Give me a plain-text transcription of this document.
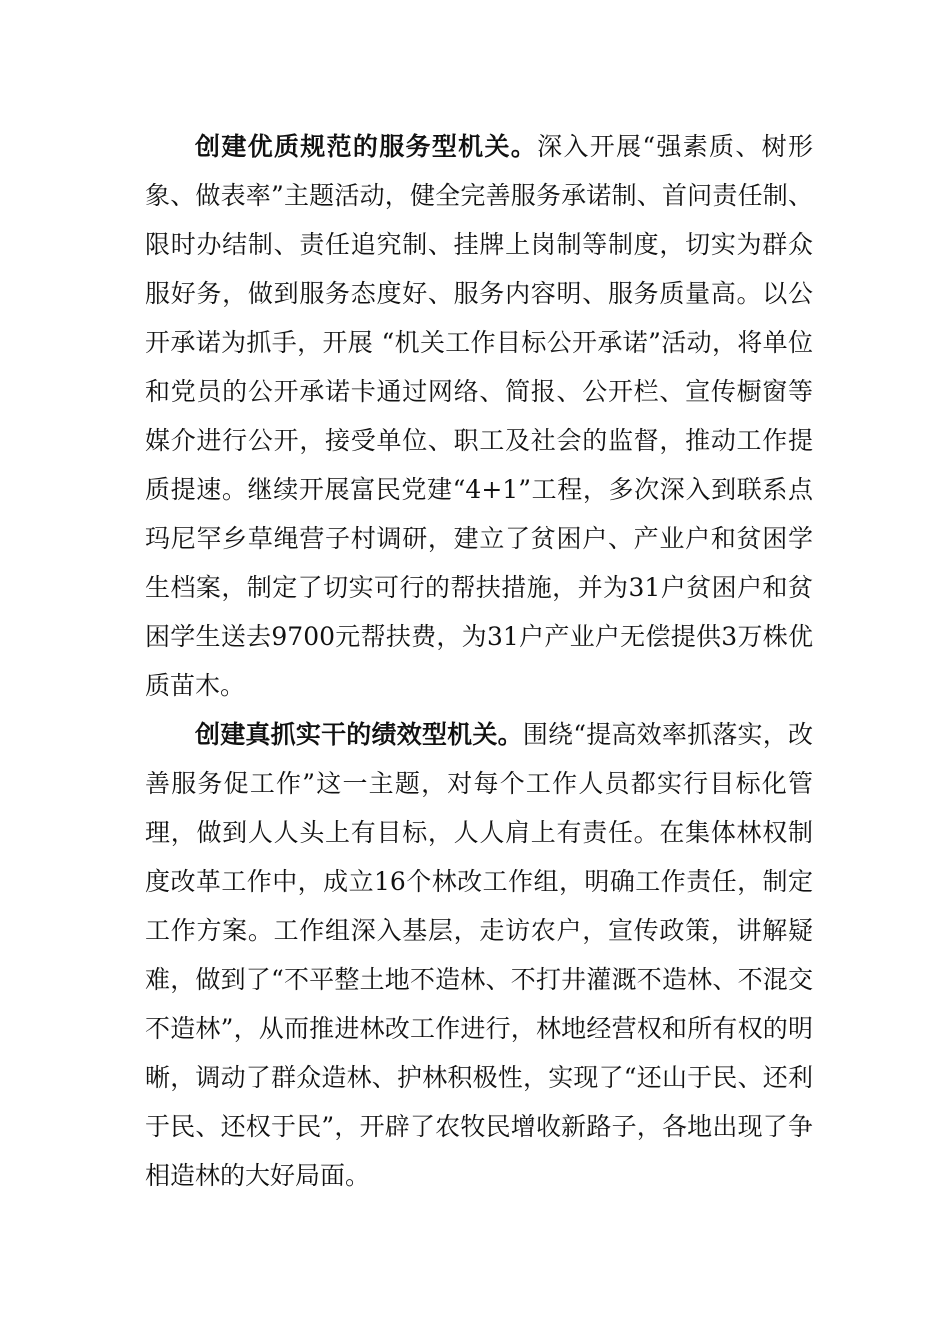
创建优质规范的服务型机关。深入开展“强素质、树形象、做表率”主题活动，健全完善服务承诺制、首问责任制、限时办结制、责任追究制、挂牌上岗制等制度，切实为群众服好务，做到服务态度好、服务内容明、服务质量高。以公开承诺为抓手，开展 “机关工作目标公开承诺”活动，将单位和党员的公开承诺卡通过网络、简报、公开栏、宣传橱窗等媒介进行公开，接受单位、职工及社会的监督，推动工作提质提速。继续开展富民党建“4+1”工程，多次深入到联系点玛尼罕乡草绳营子村调研，建立了贫困户、产业户和贫困学生档案，制定了切实可行的帮扶措施，并为31户贫困户和贫困学生送去9700元帮扶费，为31户产业户无偿提供3万株优质苗木。

创建真抓实干的绩效型机关。围绕“提高效率抓落实，改善服务促工作”这一主题，对每个工作人员都实行目标化管理，做到人人头上有目标，人人肩上有责任。在集体林权制度改革工作中，成立16个林改工作组，明确工作责任，制定工作方案。工作组深入基层，走访农户，宣传政策，讲解疑难，做到了“不平整土地不造林、不打井灌溉不造林、不混交不造林”，从而推进林改工作进行，林地经营权和所有权的明晰，调动了群众造林、护林积极性，实现了“还山于民、还利于民、还权于民”，开辟了农牧民增收新路子，各地出现了争相造林的大好局面。
